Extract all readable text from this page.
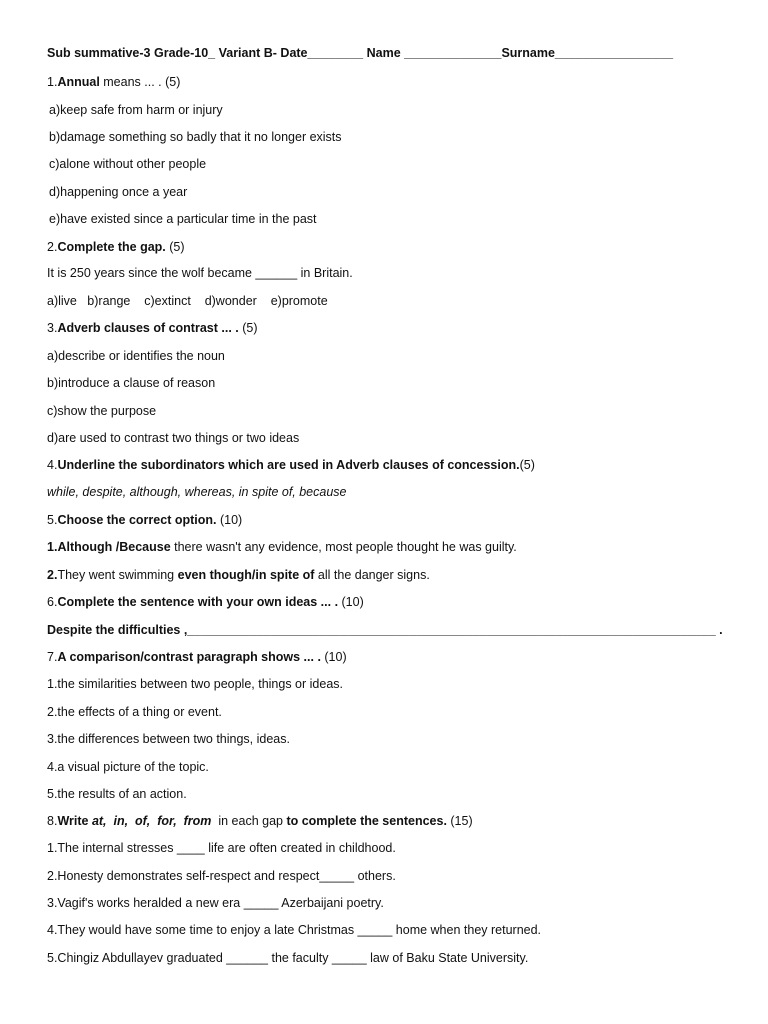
Sub summative-3 Grade-10_ Variant B- Date________ Name ______________Surname_________________
1.Annual means ... . (5)
a)keep safe from harm or injury
b)damage something so badly that it no longer exists
c)alone without other people
d)happening once a year
e)have existed since a particular time in the past
2.Complete the gap. (5)
It is 250 years since the wolf became ______ in Britain.
a)live   b)range    c)extinct    d)wonder    e)promote
3.Adverb clauses of contrast ... . (5)
a)describe or identifies the noun
b)introduce a clause of reason
c)show the purpose
d)are used to contrast two things or two ideas
4.Underline the subordinators which are used in Adverb clauses of concession.(5)
while, despite, although, whereas, in spite of, because
5.Choose the correct option. (10)
1.Although /Because there wasn't any evidence, most people thought he was guilty.
2.They went swimming even though/in spite of all the danger signs.
6.Complete the sentence with your own ideas ... . (10)
Despite the difficulties ,____________________________________________________________________________ .
7.A comparison/contrast paragraph shows ... . (10)
1.the similarities between two people, things or ideas.
2.the effects of a thing or event.
3.the differences between two things, ideas.
4.a visual picture of the topic.
5.the results of an action.
8.Write at,  in,  of,  for,  from  in each gap to complete the sentences. (15)
1.The internal stresses ____ life are often created in childhood.
2.Honesty demonstrates self-respect and respect_____ others.
3.Vagif's works heralded a new era _____ Azerbaijani poetry.
4.They would have some time to enjoy a late Christmas _____ home when they returned.
5.Chingiz Abdullayev graduated ______ the faculty _____ law of Baku State University.
